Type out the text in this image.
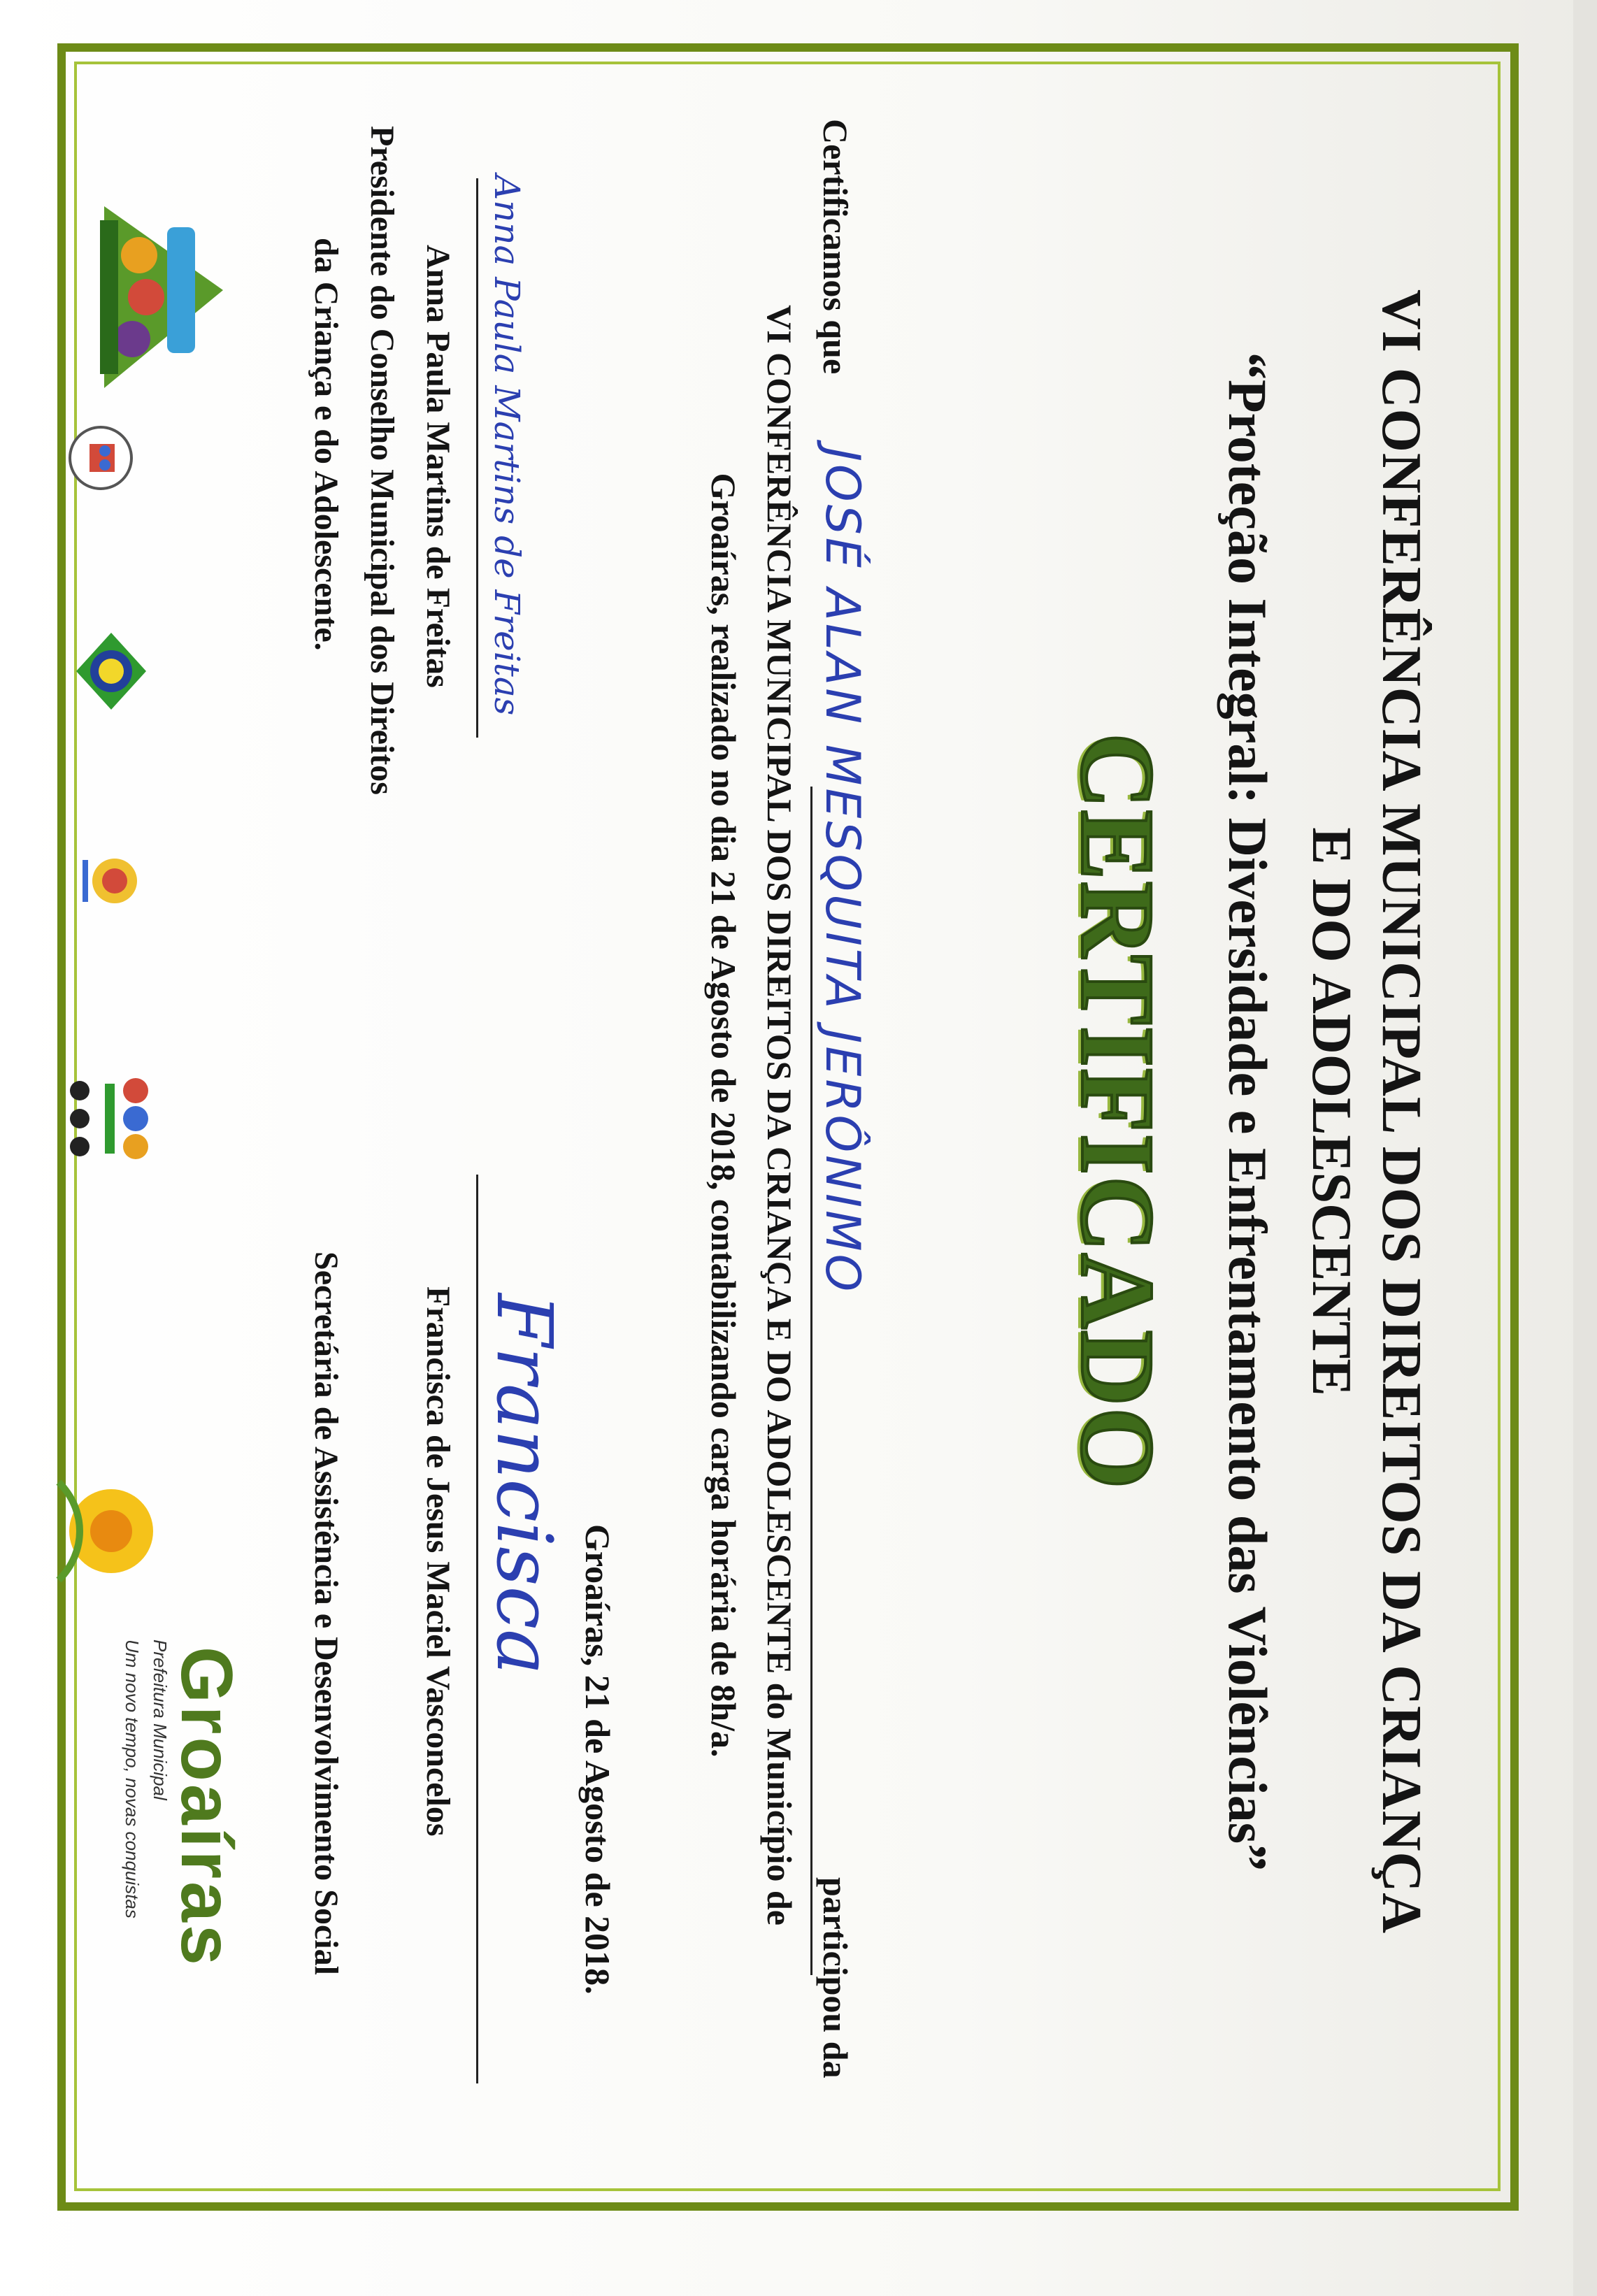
VI CONFERÊNCIA MUNICIPAL DOS DIREITOS DA CRIANÇA
E DO ADOLESCENTE
“Proteção Integral: Diversidade e Enfrentamento das Violências”
CERTIFICADO
Certificamos que
JOSÉ ALAN MESQUITA JERÔNIMO
participou da
VI CONFERÊNCIA MUNICIPAL DOS DIREITOS DA CRIANÇA E DO ADOLESCENTE do Município de
Groaíras, realizado no dia 21 de Agosto de 2018, contabilizando carga horária de 8h/a.
Groaíras, 21 de Agosto de 2018.
Anna Paula Martins de Freitas
Anna Paula Martins de Freitas
Presidente do Conselho Municipal dos Direitos
da Criança e do Adolescente.
Francisca
Francisca de Jesus Maciel Vasconcelos
Secretária de Assistência e Desenvolvimento Social
Prefeitura Municipal
Groaíras
Um novo tempo, novas conquistas
